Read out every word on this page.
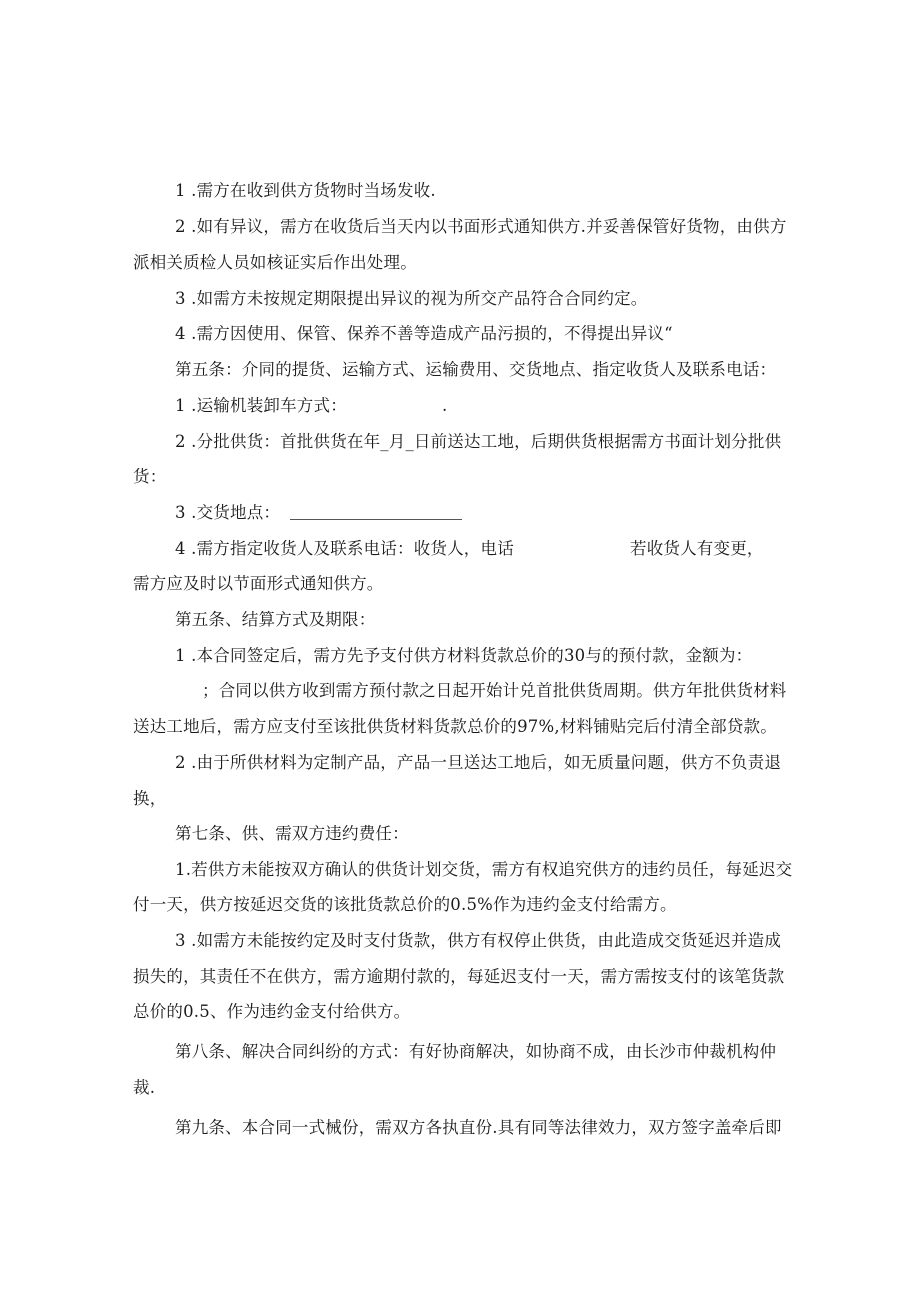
1 .需方在收到供方货物时当场发收.

2 .如有异议，需方在收货后当天内以书面形式通知供方.并妥善保管好货物，由供方

派相关质检人员如核证实后作出处理。

3 .如需方未按规定期限提出异议的视为所交产品符合合同约定。

4 .需方因使用、保管、保养不善等造成产品污损的，不得提出异议“

第五条：介同的提货、运输方式、运输费用、交货地点、指定收货人及联系电话：

1 .运输机装卸车方式：	.

2 .分批供货：首批供货在年_月_日前送达工地，后期供货根据需方书面计划分批供

货：

3 .交货地点：

4 .需方指定收货人及联系电话：收货人，电话	若收货人有变更，

需方应及时以节面形式通知供方。

第五条、结算方式及期限：

1 .本合同签定后，需方先予支付供方材料货款总价的30与的预付款，金额为：

；合同以供方收到需方预付款之日起开始计兑首批供货周期。供方年批供货材料

送达工地后，需方应支付至该批供货材料货款总价的97%,材料铺贴完后付清全部贷款。

2 .由于所供材料为定制产品，产品一旦送达工地后，如无质量问题，供方不负责退

换，

第七条、供、需双方违约费任：

1.若供方未能按双方确认的供货计划交货，需方有权追究供方的违约员任，每延迟交

付一天，供方按延迟交货的该批货款总价的0.5%作为违约金支付给需方。

3 .如需方未能按约定及时支付货款，供方有权停止供货，由此造成交货延迟并造成

损失的，其责任不在供方，需方逾期付款的，每延迟支付一天，需方需按支付的该笔货款

总价的0.5、作为违约金支付给供方。

第八条、解决合同纠纷的方式：有好协商解决，如协商不成，由长沙市仲裁机构仲

裁.

第九条、本合同一式械份，需双方各执直份.具有同等法律效力，双方签字盖牵后即
